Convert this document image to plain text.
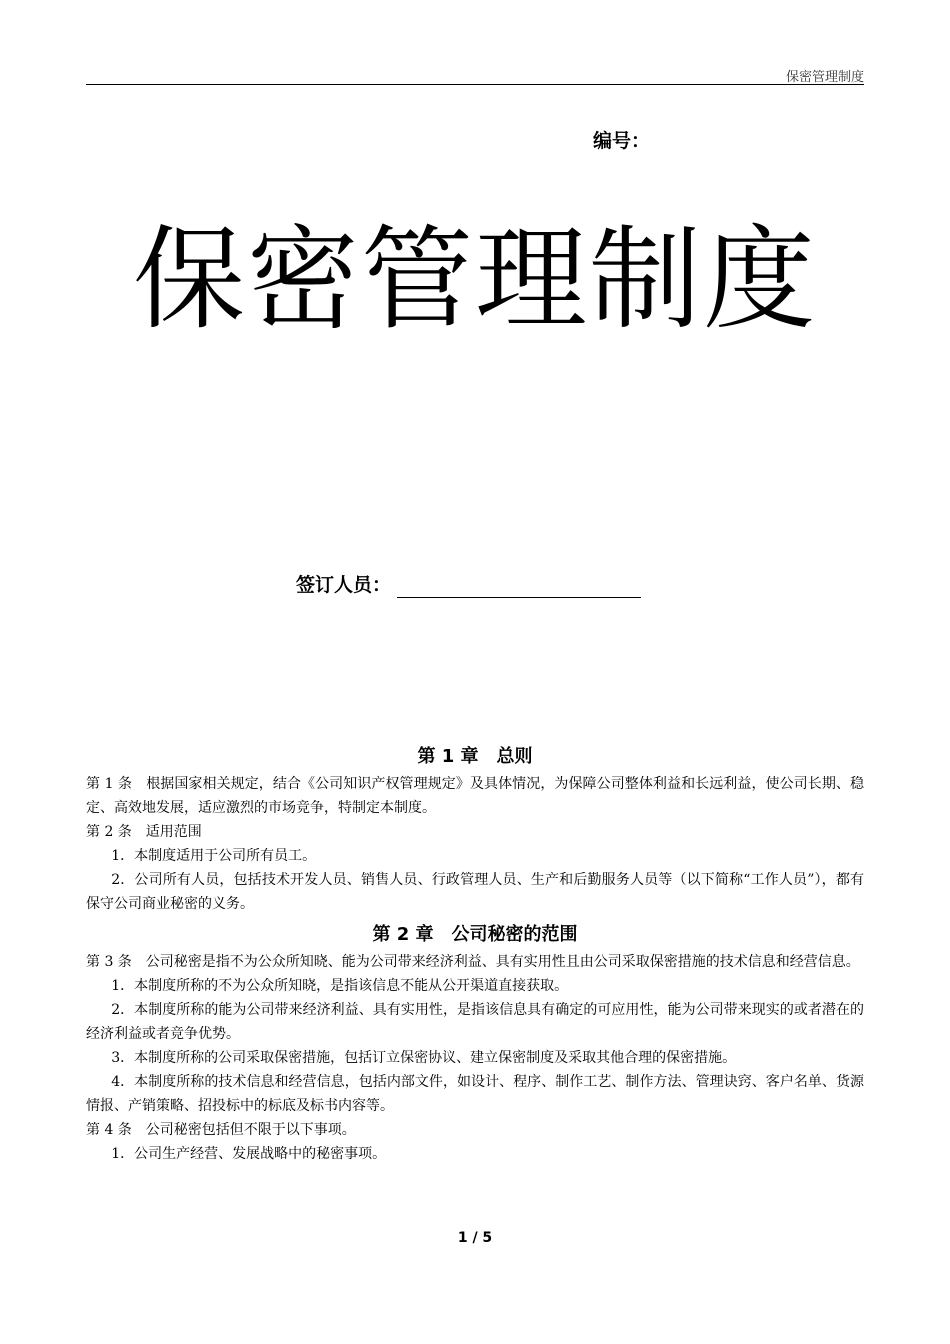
保密管理制度
编号：
保密管理制度
签订人员：
第 1 章　总则

第 1 条　根据国家相关规定，结合《公司知识产权管理规定》及具体情况，为保障公司整体利益和长远利益，使公司长期、稳定、高效地发展，适应激烈的市场竞争，特制定本制度。

第 2 条　适用范围

1．本制度适用于公司所有员工。

2．公司所有人员，包括技术开发人员、销售人员、行政管理人员、生产和后勤服务人员等（以下简称“工作人员”），都有保守公司商业秘密的义务。

第 2 章　公司秘密的范围

第 3 条　公司秘密是指不为公众所知晓、能为公司带来经济利益、具有实用性且由公司采取保密措施的技术信息和经营信息。

1．本制度所称的不为公众所知晓，是指该信息不能从公开渠道直接获取。

2．本制度所称的能为公司带来经济利益、具有实用性，是指该信息具有确定的可应用性，能为公司带来现实的或者潜在的经济利益或者竞争优势。

3．本制度所称的公司采取保密措施，包括订立保密协议、建立保密制度及采取其他合理的保密措施。

4．本制度所称的技术信息和经营信息，包括内部文件，如设计、程序、制作工艺、制作方法、管理诀窍、客户名单、货源情报、产销策略、招投标中的标底及标书内容等。

第 4 条　公司秘密包括但不限于以下事项。

1．公司生产经营、发展战略中的秘密事项。

1 / 5
